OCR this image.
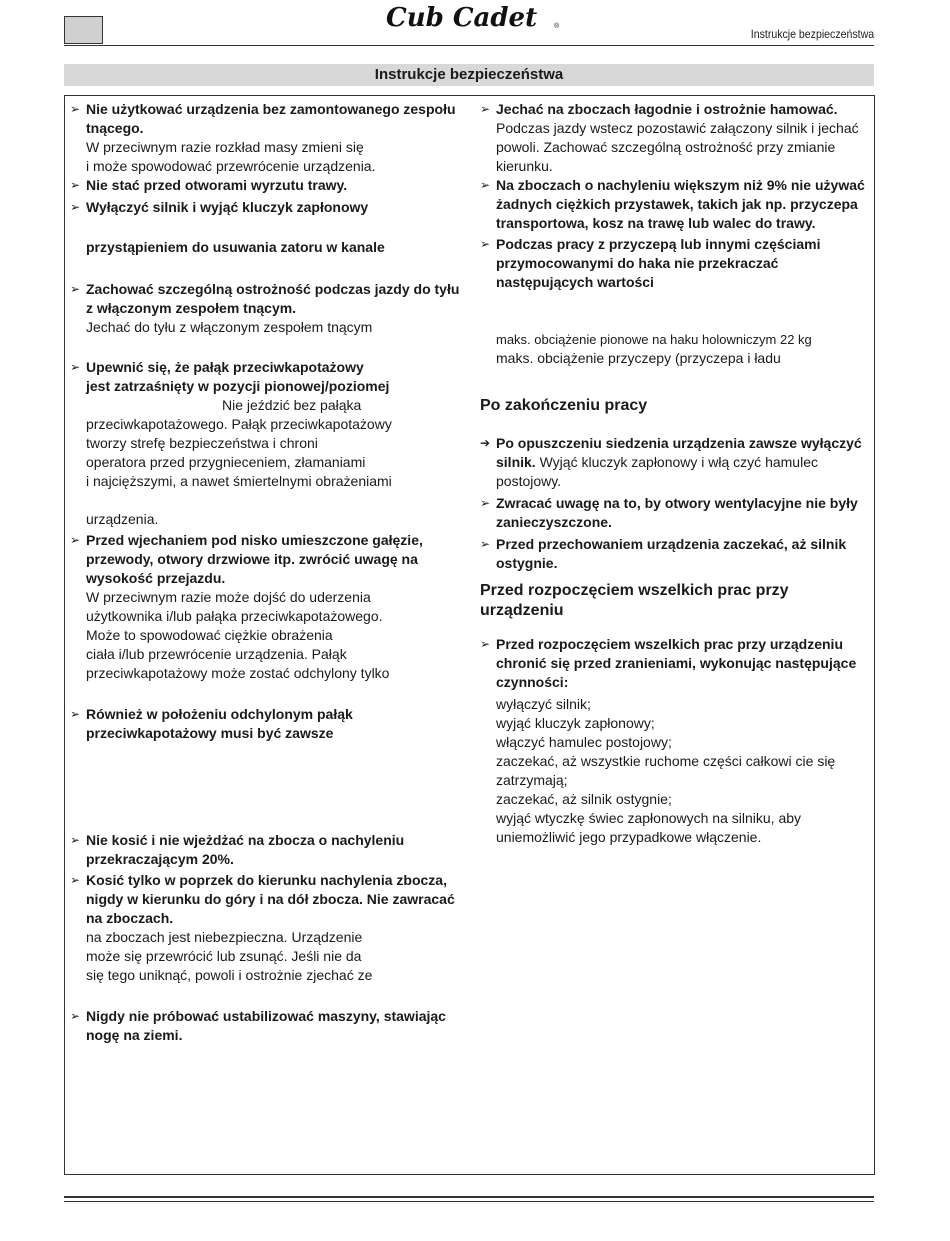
Cub Cadet ®
Instrukcje bezpieczeństwa
Instrukcje bezpieczeństwa
➢ Nie użytkować urządzenia bez zamontowanego zespołu tnącego.
W przeciwnym razie rozkład masy zmieni się
i może spowodować przewrócenie urządzenia.
➢ Nie stać przed otworami wyrzutu trawy.
➢ Wyłączyć silnik i wyjąć kluczyk zapłonowy
przystąpieniem do usuwania zatoru w kanale
➢ Zachować szczególną ostrożność podczas jazdy do tyłu z włączonym zespołem tnącym.
Jechać do tyłu z włączonym zespołem tnącym
➢ Upewnić się, że pałąk przeciwkapotażowy
jest zatrzaśnięty w pozycji pionowej/poziomej
Nie jeździć bez pałąka
przeciwkapotażowego. Pałąk przeciwkapotażowy
tworzy strefę bezpieczeństwa i chroni
operatora przed przygnieceniem, złamaniami
i najcięższymi, a nawet śmiertelnymi obrażeniami
urządzenia.
➢ Przed wjechaniem pod nisko umieszczone gałęzie, przewody, otwory drzwiowe itp. zwrócić uwagę na wysokość przejazdu.
W przeciwnym razie może dojść do uderzenia
użytkownika i/lub pałąka przeciwkapotażowego.
Może to spowodować ciężkie obrażenia
ciała i/lub przewrócenie urządzenia. Pałąk
przeciwkapotażowy może zostać odchylony tylko
➢ Również w położeniu odchylonym pałąk przeciwkapotażowy musi być zawsze
➢ Nie kosić i nie wjeżdżać na zbocza o nachyleniu przekraczającym 20%.
➢ Kosić tylko w poprzek do kierunku nachylenia zbocza, nigdy w kierunku do góry i na dół zbocza. Nie zawracać na zboczach.
na zboczach jest niebezpieczna. Urządzenie
może się przewrócić lub zsunąć. Jeśli nie da
się tego uniknąć, powoli i ostrożnie zjechać ze
➢ Nigdy nie próbować ustabilizować maszyny, stawiając nogę na ziemi.
➢ Jechać na zboczach łagodnie i ostrożnie hamować. Podczas jazdy wstecz pozostawić załączony silnik i jechać powoli. Zachować szczególną ostrożność przy zmianie kierunku.
➢ Na zboczach o nachyleniu większym niż 9% nie używać żadnych ciężkich przystawek, takich jak np. przyczepa transportowa, kosz na trawę lub walec do trawy.
➢ Podczas pracy z przyczepą lub innymi częściami przymocowanymi do haka nie przekraczać następujących wartości
maks. obciążenie pionowe na haku holowniczym 22 kg
maks. obciążenie przyczepy (przyczepa i ładu
Po zakończeniu pracy
➔ Po opuszczeniu siedzenia urządzenia zawsze wyłączyć silnik. Wyjąć kluczyk zapłonowy i włą czyć hamulec postojowy.
➢ Zwracać uwagę na to, by otwory wentylacyjne nie były zanieczyszczone.
➢ Przed przechowaniem urządzenia zaczekać, aż silnik ostygnie.
Przed rozpoczęciem wszelkich prac przy urządzeniu
➢ Przed rozpoczęciem wszelkich prac przy urządzeniu chronić się przed zranieniami, wykonując następujące czynności:
wyłączyć silnik;
wyjąć kluczyk zapłonowy;
włączyć hamulec postojowy;
zaczekać, aż wszystkie ruchome części całkowi cie się zatrzymają;
zaczekać, aż silnik ostygnie;
wyjąć wtyczkę świec zapłonowych na silniku, aby uniemożliwić jego przypadkowe włączenie.
